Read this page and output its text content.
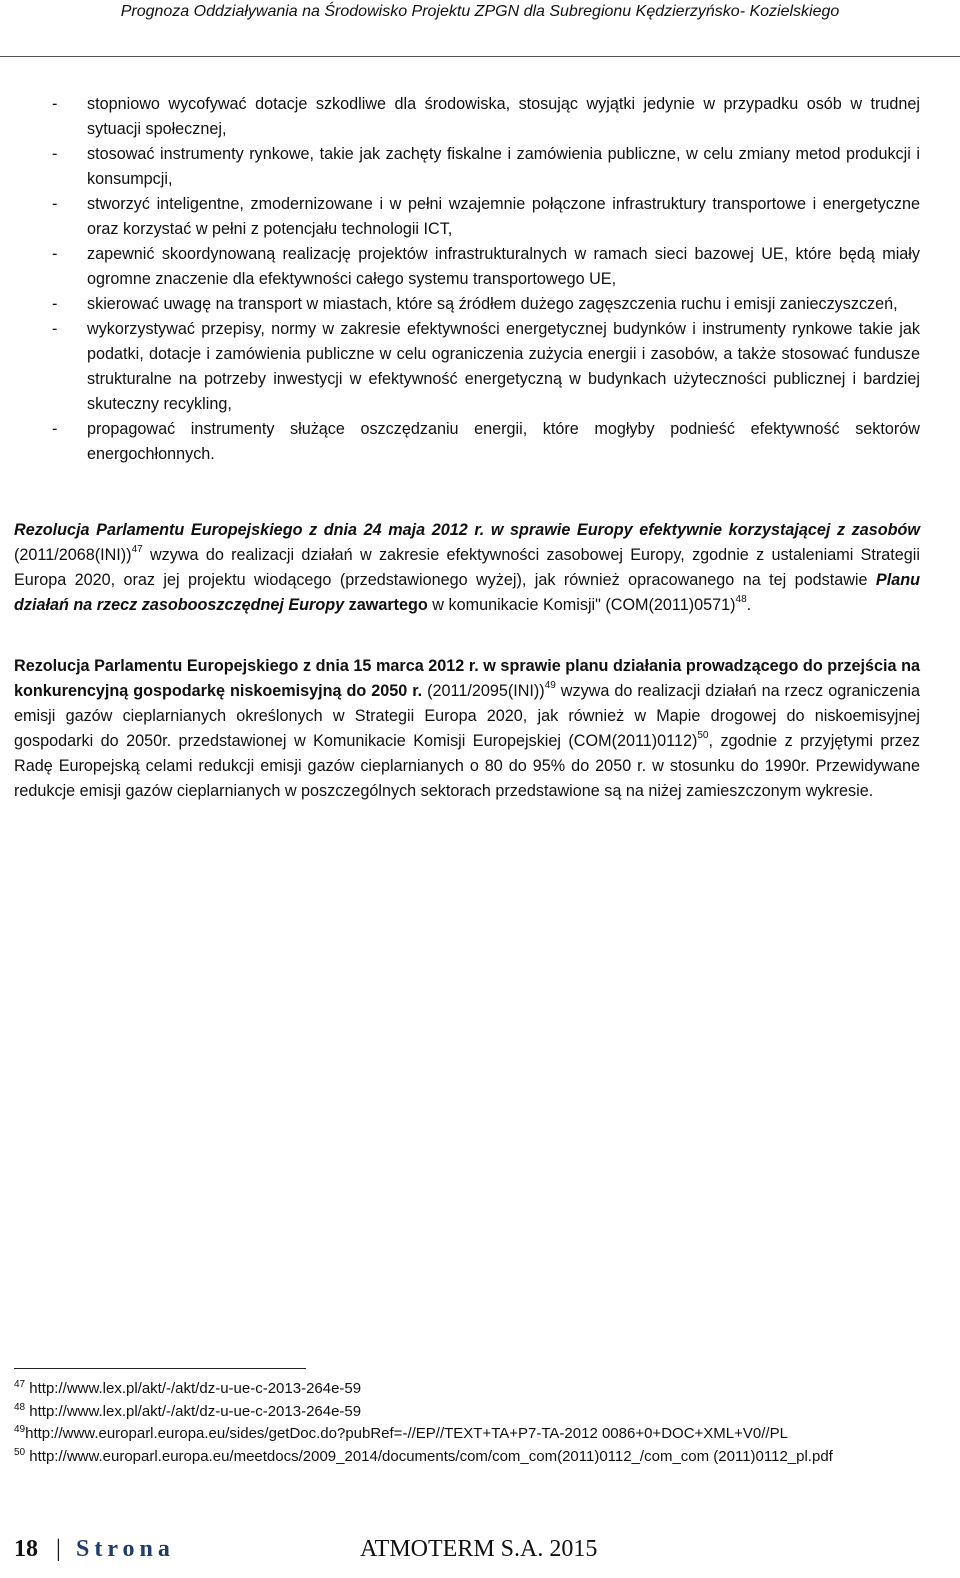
Prognoza Oddziaływania na Środowisko Projektu ZPGN dla Subregionu Kędzierzyńsko- Kozielskiego
- stopniowo wycofywać dotacje szkodliwe dla środowiska, stosując wyjątki jedynie w przypadku osób w trudnej sytuacji społecznej,
- stosować instrumenty rynkowe, takie jak zachęty fiskalne i zamówienia publiczne, w celu zmiany metod produkcji i konsumpcji,
- stworzyć inteligentne, zmodernizowane i w pełni wzajemnie połączone infrastruktury transportowe i energetyczne oraz korzystać w pełni z potencjału technologii ICT,
- zapewnić skoordynowaną realizację projektów infrastrukturalnych w ramach sieci bazowej UE, które będą miały ogromne znaczenie dla efektywności całego systemu transportowego UE,
- skierować uwagę na transport w miastach, które są źródłem dużego zagęszczenia ruchu i emisji zanieczyszczeń,
- wykorzystywać przepisy, normy w zakresie efektywności energetycznej budynków i instrumenty rynkowe takie jak podatki, dotacje i zamówienia publiczne w celu ograniczenia zużycia energii i zasobów, a także stosować fundusze strukturalne na potrzeby inwestycji w efektywność energetyczną w budynkach użyteczności publicznej i bardziej skuteczny recykling,
- propagować instrumenty służące oszczędzaniu energii, które mogłyby podnieść efektywność sektorów energochłonnych.
Rezolucja Parlamentu Europejskiego z dnia 24 maja 2012 r. w sprawie Europy efektywnie korzystającej z zasobów $(2011/2068(INI))^{47}$ wzywa do realizacji działań w zakresie efektywności zasobowej Europy, zgodnie z ustaleniami Strategii Europa 2020, oraz jej projektu wiodącego (przedstawionego wyżej), jak również opracowanego na tej podstawie Planu działań na rzecz zasobooszczędnej Europy zawartego w komunikacie Komisji" $(COM(2011)0571)^{48}$.
Rezolucja Parlamentu Europejskiego z dnia 15 marca 2012 r. w sprawie planu działania prowadzącego do przejścia na konkurencyjną gospodarkę niskoemisyjną do 2050 r. $(2011/2095(INI))^{49}$ wzywa do realizacji działań na rzecz ograniczenia emisji gazów cieplarnianych określonych w Strategii Europa 2020, jak również w Mapie drogowej do niskoemisyjnej gospodarki do 2050r. przedstawionej w Komunikacie Komisji Europejskiej $(COM(2011)0112)^{50}$, zgodnie z przyjętymi przez Radę Europejską celami redukcji emisji gazów cieplarnianych o 80 do 95% do 2050 r. w stosunku do 1990r. Przewidywane redukcje emisji gazów cieplarnianych w poszczególnych sektorach przedstawione są na niżej zamieszczonym wykresie.
$^{47}$ http://www.lex.pl/akt/-/akt/dz-u-ue-c-2013-264e-59
$^{48}$ http://www.lex.pl/akt/-/akt/dz-u-ue-c-2013-264e-59
$^{49}$http://www.europarl.europa.eu/sides/getDoc.do?pubRef=-//EP//TEXT+TA+P7-TA-2012 0086+0+DOC+XML+V0//PL
$^{50}$ http://www.europarl.europa.eu/meetdocs/2009_2014/documents/com/com_com(2011)0112_/com_com (2011)0112_pl.pdf
18 | Strona	ATMOTERM S.A. 2015
